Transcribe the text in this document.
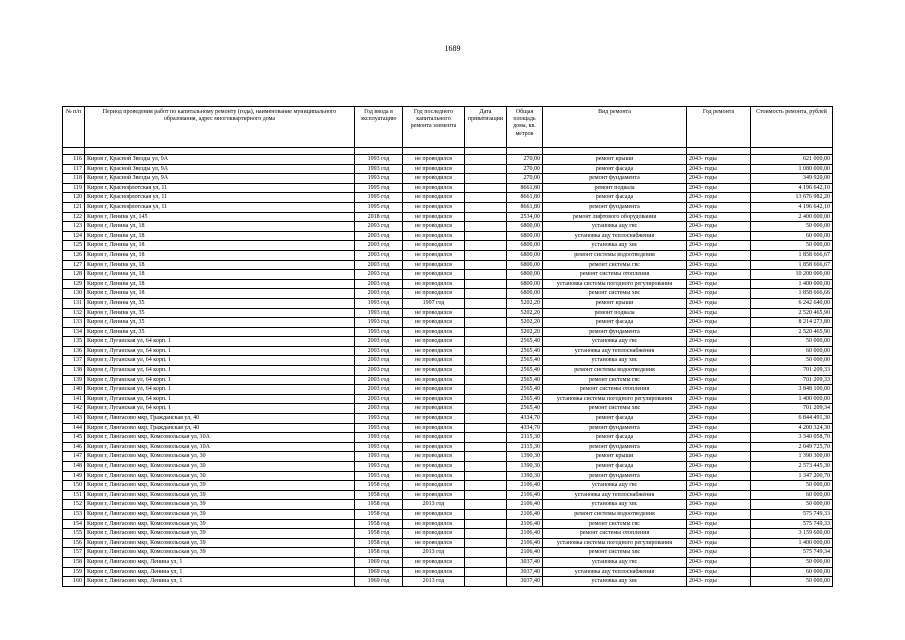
1689
№ п/п	Период проведения работ по капитальному ремонту (года), наименование муниципального образования, адрес многоквартирного дома	Год ввода в эксплуатацию	Год последнего капитального ремонта элемента	Дата приватизации	Общая площадь дома, кв. метров	Вид ремонта	Год ремонта	Стоимость ремонта, рублей

116	Киров г, Красной Звезды ул, 9А	1993 год	не проводился		270,00	ремонт крыши	2043- годы	621 000,00
117	Киров г, Красной Звезды ул, 9А	1993 год	не проводился		270,00	ремонт фасада	2043- годы	1 080 000,00
118	Киров г, Красной Звезды ул, 9А	1993 год	не проводился		270,00	ремонт фундамента	2043- годы	349 920,00
119	Киров г, Краснофлотская ул, 11	1995 год	не проводился		8661,80	ремонт подвала	2043- годы	4 196 642,10
120	Киров г, Краснофлотская ул, 11	1995 год	не проводился		8661,80	ремонт фасада	2043- годы	13 676 982,20
121	Киров г, Краснофлотская ул, 11	1995 год	не проводился		8661,80	ремонт фундамента	2043- годы	4 196 642,10
122	Киров г, Ленина ул, 145	2018 год	не проводился		2534,00	ремонт лифтового оборудования	2043- годы	2 400 000,00
123	Киров г, Ленина ул, 18	2003 год	не проводился		6800,00	установка ацу гвс	2043- годы	50 000,00
124	Киров г, Ленина ул, 18	2003 год	не проводился		6800,00	установка ацу теплоснабжения	2043- годы	60 000,00
125	Киров г, Ленина ул, 18	2003 год	не проводился		6800,00	установка ацу хвс	2043- годы	50 000,00
126	Киров г, Ленина ул, 18	2003 год	не проводился		6800,00	ремонт системы водоотведения	2043- годы	1 858 666,67
127	Киров г, Ленина ул, 18	2003 год	не проводился		6800,00	ремонт системы гвс	2043- годы	1 858 666,67
128	Киров г, Ленина ул, 18	2003 год	не проводился		6800,00	ремонт системы отопления	2043- годы	10 200 000,00
129	Киров г, Ленина ул, 18	2003 год	не проводился		6800,00	установка системы погодного регулирования	2043- годы	1 400 000,00
130	Киров г, Ленина ул, 18	2003 год	не проводился		6800,00	ремонт системы хвс	2043- годы	1 858 666,66
131	Киров г, Ленина ул, 35	1993 год	1997 год		5202,20	ремонт крыши	2043- годы	6 242 640,00
132	Киров г, Ленина ул, 35	1993 год	не проводился		5202,20	ремонт подвала	2043- годы	2 520 465,90
133	Киров г, Ленина ул, 35	1993 год	не проводился		5202,20	ремонт фасада	2043- годы	8 214 273,80
134	Киров г, Ленина ул, 35	1993 год	не проводился		5202,20	ремонт фундамента	2043- годы	2 520 465,90
135	Киров г, Луганская ул, 64 корп. 1	2003 год	не проводился		2565,40	установка ацу гвс	2043- годы	50 000,00
136	Киров г, Луганская ул, 64 корп. 1	2003 год	не проводился		2565,40	установка ацу теплоснабжения	2043- годы	60 000,00
137	Киров г, Луганская ул, 64 корп. 1	2003 год	не проводился		2565,40	установка ацу хвс	2043- годы	50 000,00
138	Киров г, Луганская ул, 64 корп. 1	2003 год	не проводился		2565,40	ремонт системы водоотведения	2043- годы	701 209,33
139	Киров г, Луганская ул, 64 корп. 1	2003 год	не проводился		2565,40	ремонт системы гвс	2043- годы	701 209,33
140	Киров г, Луганская ул, 64 корп. 1	2003 год	не проводился		2565,40	ремонт системы отопления	2043- годы	3 848 100,00
141	Киров г, Луганская ул, 64 корп. 1	2003 год	не проводился		2565,40	установка системы погодного регулирования	2043- годы	1 400 000,00
142	Киров г, Луганская ул, 64 корп. 1	2003 год	не проводился		2565,40	ремонт системы хвс	2043- годы	701 209,34
143	Киров г, Лянгасово мкр, Гражданская ул, 40	1993 год	не проводился		4334,70	ремонт фасада	2043- годы	6 844 491,30
144	Киров г, Лянгасово мкр, Гражданская ул, 40	1993 год	не проводился		4334,70	ремонт фундамента	2043- годы	4 200 324,30
145	Киров г, Лянгасово мкр, Комсомольская ул, 10А	1993 год	не проводился		2115,30	ремонт фасада	2043- годы	3 340 058,70
146	Киров г, Лянгасово мкр, Комсомольская ул, 10А	1993 год	не проводился		2115,30	ремонт фундамента	2043- годы	2 049 725,70
147	Киров г, Лянгасово мкр, Комсомольская ул, 30	1993 год	не проводился		1390,30	ремонт крыши	2043- годы	1 390 300,00
148	Киров г, Лянгасово мкр, Комсомольская ул, 30	1993 год	не проводился		1390,30	ремонт фасада	2043- годы	2 573 445,30
149	Киров г, Лянгасово мкр, Комсомольская ул, 30	1993 год	не проводился		1390,30	ремонт фундамента	2043- годы	1 347 200,70
150	Киров г, Лянгасово мкр, Комсомольская ул, 39	1958 год	не проводился		2106,40	установка ацу гвс	2043- годы	50 000,00
151	Киров г, Лянгасово мкр, Комсомольская ул, 39	1958 год	не проводился		2106,40	установка ацу теплоснабжения	2043- годы	60 000,00
152	Киров г, Лянгасово мкр, Комсомольская ул, 39	1958 год	2013 год		2106,40	установка ацу хвс	2043- годы	50 000,00
153	Киров г, Лянгасово мкр, Комсомольская ул, 39	1958 год	не проводился		2106,40	ремонт системы водоотведения	2043- годы	575 749,33
154	Киров г, Лянгасово мкр, Комсомольская ул, 39	1958 год	не проводился		2106,40	ремонт системы гвс	2043- годы	575 749,33
155	Киров г, Лянгасово мкр, Комсомольская ул, 39	1958 год	не проводился		2106,40	ремонт системы отопления	2043- годы	3 159 600,00
156	Киров г, Лянгасово мкр, Комсомольская ул, 39	1958 год	не проводился		2106,40	установка системы погодного регулирования	2043- годы	1 400 000,00
157	Киров г, Лянгасово мкр, Комсомольская ул, 39	1958 год	2013 год		2106,40	ремонт системы хвс	2043- годы	575 749,34
158	Киров г, Лянгасово мкр, Ленина ул, 1	1969 год	не проводился		3037,40	установка ацу гвс	2043- годы	50 000,00
159	Киров г, Лянгасово мкр, Ленина ул, 1	1969 год	не проводился		3037,40	установка ацу теплоснабжения	2043- годы	60 000,00
160	Киров г, Лянгасово мкр, Ленина ул, 1	1969 год	2013 год		3037,40	установка ацу хвс	2043- годы	50 000,00
